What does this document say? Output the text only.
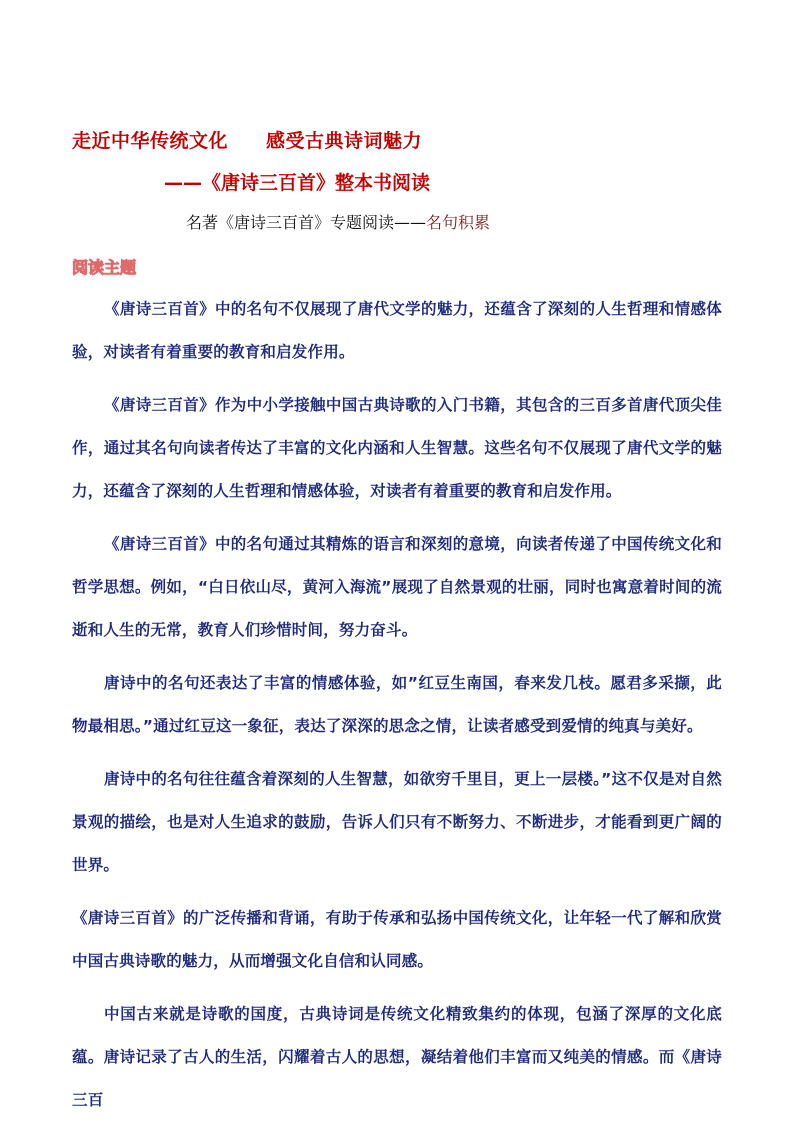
走近中华传统文化 感受古典诗词魅力
——《唐诗三百首》整本书阅读
名著《唐诗三百首》专题阅读——名句积累
阅读主题

《唐诗三百首》中的名句不仅展现了唐代文学的魅力，还蕴含了深刻的人生哲理和情感体验，对读者有着重要的教育和启发作用。

《唐诗三百首》作为中小学接触中国古典诗歌的入门书籍，其包含的三百多首唐代顶尖佳作，通过其名句向读者传达了丰富的文化内涵和人生智慧。这些名句不仅展现了唐代文学的魅力，还蕴含了深刻的人生哲理和情感体验，对读者有着重要的教育和启发作用。

《唐诗三百首》中的名句通过其精炼的语言和深刻的意境，向读者传递了中国传统文化和哲学思想。例如，“白日依山尽，黄河入海流”展现了自然景观的壮丽，同时也寓意着时间的流逝和人生的无常，教育人们珍惜时间，努力奋斗。

唐诗中的名句还表达了丰富的情感体验，如”红豆生南国，春来发几枝。愿君多采撷，此物最相思。”通过红豆这一象征，表达了深深的思念之情，让读者感受到爱情的纯真与美好。

唐诗中的名句往往蕴含着深刻的人生智慧，如欲穷千里目，更上一层楼。”这不仅是对自然景观的描绘，也是对人生追求的鼓励，告诉人们只有不断努力、不断进步，才能看到更广阔的世界。

《唐诗三百首》的广泛传播和背诵，有助于传承和弘扬中国传统文化，让年轻一代了解和欣赏中国古典诗歌的魅力，从而增强文化自信和认同感。

中国古来就是诗歌的国度，古典诗词是传统文化精致集约的体现，包涵了深厚的文化底蕴。唐诗记录了古人的生活，闪耀着古人的思想，凝结着他们丰富而又纯美的情感。而《唐诗三百
